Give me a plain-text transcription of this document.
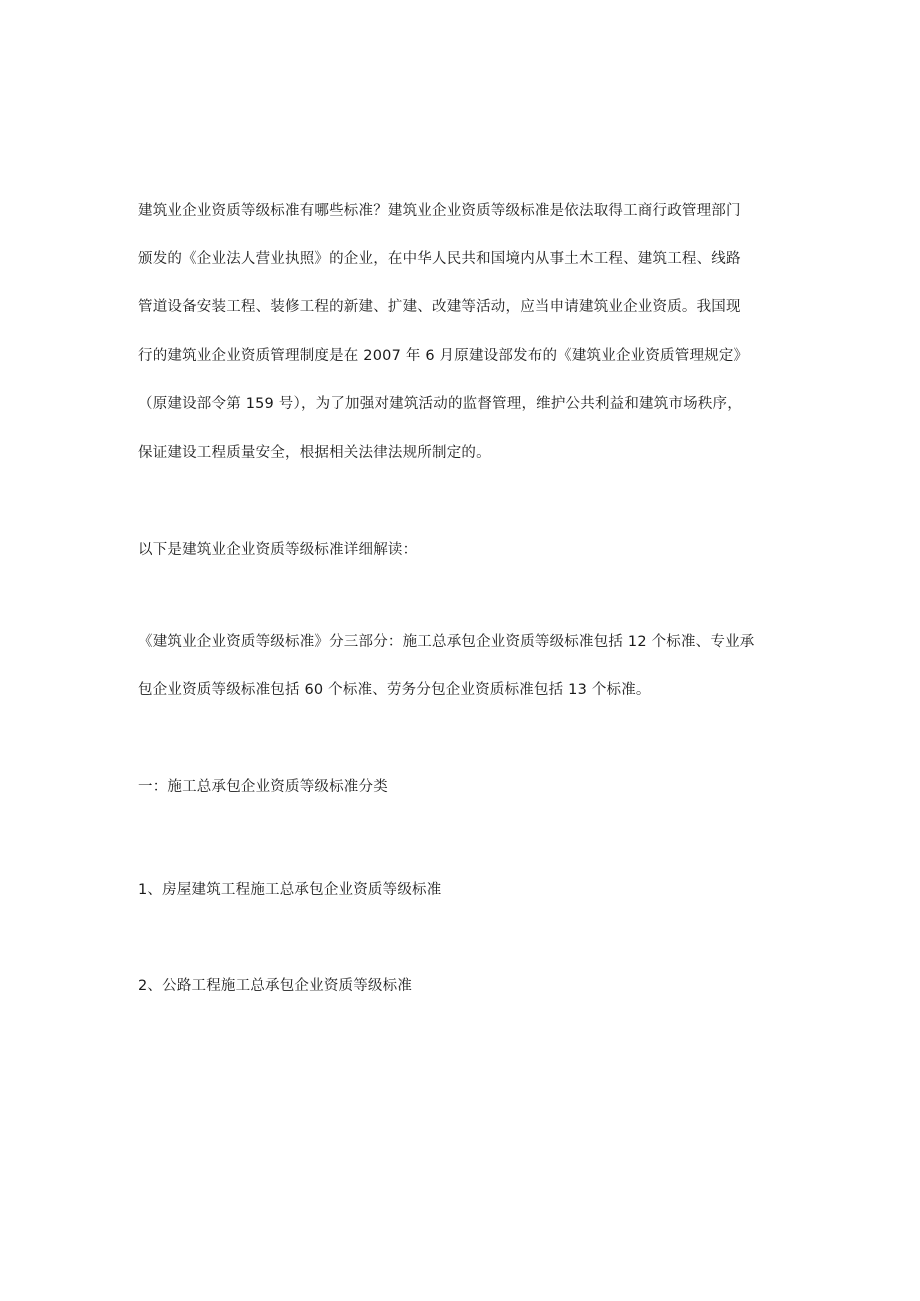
建筑业企业资质等级标准有哪些标准？建筑业企业资质等级标准是依法取得工商行政管理部门
颁发的《企业法人营业执照》的企业，在中华人民共和国境内从事土木工程、建筑工程、线路
管道设备安装工程、装修工程的新建、扩建、改建等活动，应当申请建筑业企业资质。我国现
行的建筑业企业资质管理制度是在 2007 年 6 月原建设部发布的《建筑业企业资质管理规定》
（原建设部令第 159 号），为了加强对建筑活动的监督管理，维护公共利益和建筑市场秩序，
保证建设工程质量安全，根据相关法律法规所制定的。
以下是建筑业企业资质等级标准详细解读：
《建筑业企业资质等级标准》分三部分：施工总承包企业资质等级标准包括 12 个标准、专业承
包企业资质等级标准包括 60 个标准、劳务分包企业资质标准包括 13 个标准。
一：施工总承包企业资质等级标准分类
1、房屋建筑工程施工总承包企业资质等级标准
2、公路工程施工总承包企业资质等级标准
